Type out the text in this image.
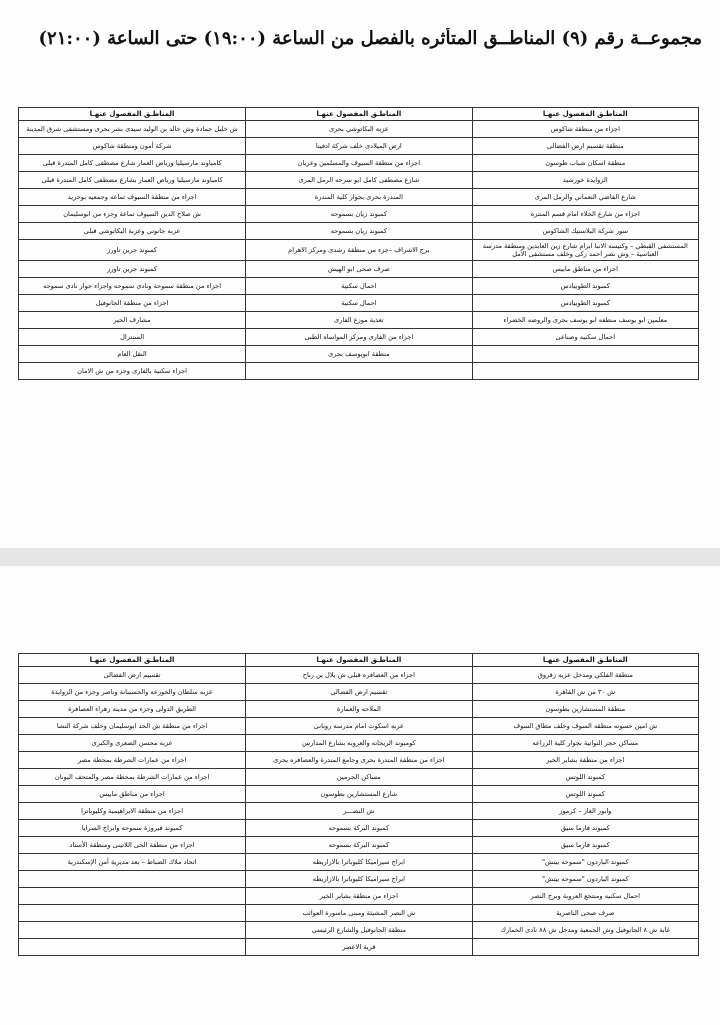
مجموعــة رقم (٩) المناطــق المتأثره بالفصل من الساعة (١٩:٠٠) حتى الساعة (٢١:٠٠)
المناطـق المفصول عنهـا	المناطـق المفصول عنهـا	المناطـق المفصول عنهـا
اجزاء من منطقة شاكوس	عزبه البكاتوشي بحرى	ش خليل حمادة وش خالد بن الوليد سيدى بشر بحرى ومستشفى شرق المدينة
منطقة تقسيم ارض الفضالى	ارض الميلادى خلف شركة ادفينا	شركة أمون ومنطقة شاكوس
منطقة اسكان شباب طوسون	اجزاء من منطقة السيوف والمسلمين وعزبان	كامباوند مارسيليا ورياض العمار شارع مصطفى كامل المندرة قبلى
الزوايدة خورشيد	شارع مصطفى كامل ابو سرحه الرمل المرى	كامباوند مارسيليا ورياض العمار بشارع مصطفى كامل المندرة قبلى
شارع القاضي النعماني والرمل المرى	المندرة بحرى بجوار كلية المندرة	اجزاء من منطقة السيوف تماعه وجمعيه بوحريد
اجزاء من شارع الخلاء امام قسم المنتزة	كمبوند زيان بسموحه	ش صلاح الدين السيوف تماعة وجزء من ابوسليمان
سور شركة البلاستيك الشاكوس	كمبوند زيان بسموحه	عزبه جانوتى وعزبة البكاتوشي قبلى
المستشفى القبطي – وكنيسه الانبا ابرام شارع زين العابدين ومنطقة مدرسة العباسية – وش نصر احمد زكى وخلف مستشفى الأمل	برج الاشراف –جزء من منطقة رشدى ومركز الاهرام	كمبوند جرين تاورز
اجزاء من مناطق مابيس	صرف صحى ابو الهيش	كمبوند جرين تاورز
كمبوند الطوبيادس	احمال سكنية	اجزاء من منطقة سموحة ونادى سموحه واجزاء جوار نادى سموحه
كمبوند الطوبيادس	احمال سكنية	اجزاء من منطقة الجانوفيل
معلمين ابو يوسف منطقه ابو يوسف بحرى والروضه الخضراء	تغذية موزع الفارى	مشارف الخير
احمال سكنيه وصناعى	اجزاء من الفارى ومركز المواساه الطبى	السنترال
	منطقة ابويوسف بحرى	النقل العام
		اجزاء سكنية بالفارى وجزء من ش الامان
المناطـق المفصول عنهـا	المناطـق المفصول عنهـا	المناطـق المفصول عنهـا
منطقة الفلكي ومدخل عزبه زقروق	اجزاء من العصافره قبلى ش بلال بن رباح	تقسيم ارض الفضالى
ش ٣٠ من ش القاهرة	تقسيم ارض الفضالى	عزبه سلطان والخورعه والحسينانة وناصر وجزء من الزوايدة
منطقة المستشارين بطوسون	الملاحه والعمارة	الطريق الدولى وجزء من مدينه زهراء العصافرة
ش امين حسونه منطقه السوف وخلف مطاق السوف	عزبه اسكوت امام مدرسه روبانى	اجزاء من منطقة ش الحد ابوسليمان وخلف شركة النشا
مساكن حجر النواتية بجوار كلية الزراعه	كومبوند الريحانه والعروبه بشارع المدارس	عزبه محسن الصغرى والكبرى
اجزاء من منطقة بشاير الخير	اجزاء من منطقة المندرة بحرى وجامع المندرة والعصافره بحرى	اجزاء من عمارات الشرطة بمحطة مصر
كمبوند اللوتس	مساكن الجرمين	اجزاء من عمارات الشرطة بمحطة مصر والمتحف اليونان
كمبوند اللوتس	شارع المستشارين بطوسون	اجزاء من مناطق مابيس
وابور الغاز – كرموز	ش النصـــر	اجزاء من منطقة الابراهيمية وكليوباترا
كمبوند فارما سيق	كمبوند البركة بسموحه	كمبوند فيروزة سموحه وابراج السرايا
كمبوند فارما سيق	كمبوند البركة بسموحه	اجزاء من منطقة الحى اللاتينى ومنطقة الأستاد
كمبوند الباردون "سموحه بيتش"	ابراج سيراميكا كليوباترا بالازاريطه	اتحاد ملاك الضباط – بعد مديرية أمن الإسكندرية
كمبوند الباردون "سموحه بيتش"	ابراج سيراميكا كليوباترا بالازاريطه	
احمال سكنيه ومنتجع العروبة وبرج النصر	اجزاء من منطقة بشاير الخير	
صرف صحى الناصرية	ش النصر المشيئة ومبنى ماسورة العوائب	
غابة ش ٨ الجانوفيل وش الجمعية ومدخل ش ٨٨ نادى الخمارك	منطقة الجانوفيل والشارع الرئيسى	
	قرية الاعصر	
